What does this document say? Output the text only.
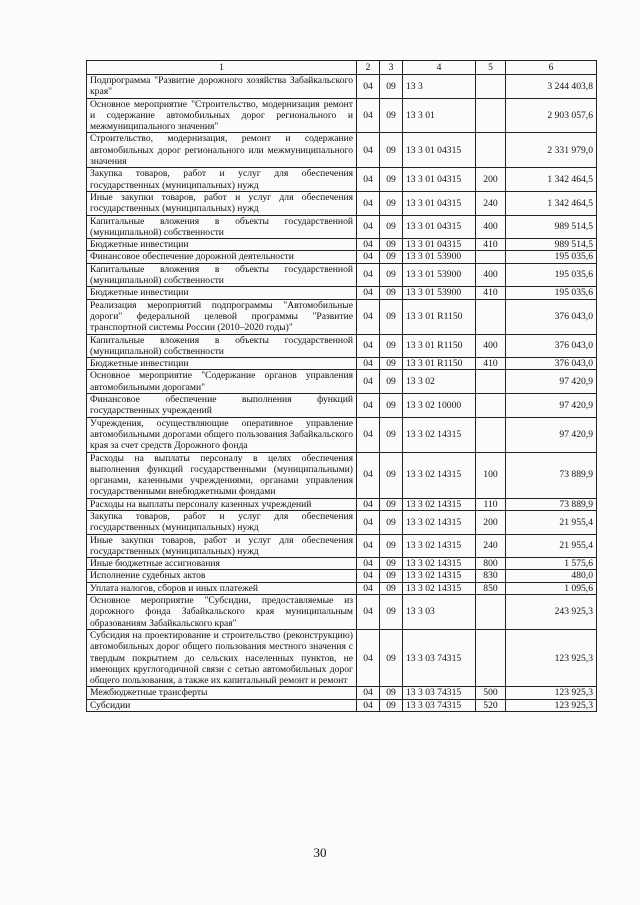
1	2	3	4	5	6
Подпрограмма "Развитие дорожного хозяйства Забайкальского края"	04	09	13 3		3 244 403,8
Основное мероприятие "Строительство, модернизация ремонт и содержание автомобильных дорог регионального и межмуниципального значения"	04	09	13 3 01		2 903 057,6
Строительство, модернизация, ремонт и содержание автомобильных дорог регионального или межмуниципального значения	04	09	13 3 01 04315		2 331 979,0
Закупка товаров, работ и услуг для обеспечения государственных (муниципальных) нужд	04	09	13 3 01 04315	200	1 342 464,5
Иные закупки товаров, работ и услуг для обеспечения государственных (муниципальных) нужд	04	09	13 3 01 04315	240	1 342 464,5
Капитальные вложения в объекты государственной (муниципальной) собственности	04	09	13 3 01 04315	400	989 514,5
Бюджетные инвестиции	04	09	13 3 01 04315	410	989 514,5
Финансовое обеспечение дорожной деятельности	04	09	13 3 01 53900		195 035,6
Капитальные вложения в объекты государственной (муниципальной) собственности	04	09	13 3 01 53900	400	195 035,6
Бюджетные инвестиции	04	09	13 3 01 53900	410	195 035,6
Реализация мероприятий подпрограммы "Автомобильные дороги" федеральной целевой программы "Развитие транспортной системы России (2010–2020 годы)"	04	09	13 3 01 R1150		376 043,0
Капитальные вложения в объекты государственной (муниципальной) собственности	04	09	13 3 01 R1150	400	376 043,0
Бюджетные инвестиции	04	09	13 3 01 R1150	410	376 043,0
Основное мероприятие "Содержание органов управления автомобильными дорогами"	04	09	13 3 02		97 420,9
Финансовое обеспечение выполнения функций государственных учреждений	04	09	13 3 02 10000		97 420,9
Учреждения, осуществляющие оперативное управление автомобильными дорогами общего пользования Забайкальского края за счет средств Дорожного фонда	04	09	13 3 02 14315		97 420,9
Расходы на выплаты персоналу в целях обеспечения выполнения функций государственными (муниципальными) органами, казенными учреждениями, органами управления государственными внебюджетными фондами	04	09	13 3 02 14315	100	73 889,9
Расходы на выплаты персоналу казенных учреждений	04	09	13 3 02 14315	110	73 889,9
Закупка товаров, работ и услуг для обеспечения государственных (муниципальных) нужд	04	09	13 3 02 14315	200	21 955,4
Иные закупки товаров, работ и услуг для обеспечения государственных (муниципальных) нужд	04	09	13 3 02 14315	240	21 955,4
Иные бюджетные ассигнования	04	09	13 3 02 14315	800	1 575,6
Исполнение судебных актов	04	09	13 3 02 14315	830	480,0
Уплата налогов, сборов и иных платежей	04	09	13 3 02 14315	850	1 095,6
Основное мероприятие "Субсидии, предоставляемые из дорожного фонда Забайкальского края муниципальным образованиям Забайкальского края"	04	09	13 3 03		243 925,3
Субсидия на проектирование и строительство (реконструкцию) автомобильных дорог общего пользования местного значения с твердым покрытием до сельских населенных пунктов, не имеющих круглогодичной связи с сетью автомобильных дорог общего пользования, а также их капитальный ремонт и ремонт	04	09	13 3 03 74315		123 925,3
Межбюджетные трансферты	04	09	13 3 03 74315	500	123 925,3
Субсидии	04	09	13 3 03 74315	520	123 925,3
30
